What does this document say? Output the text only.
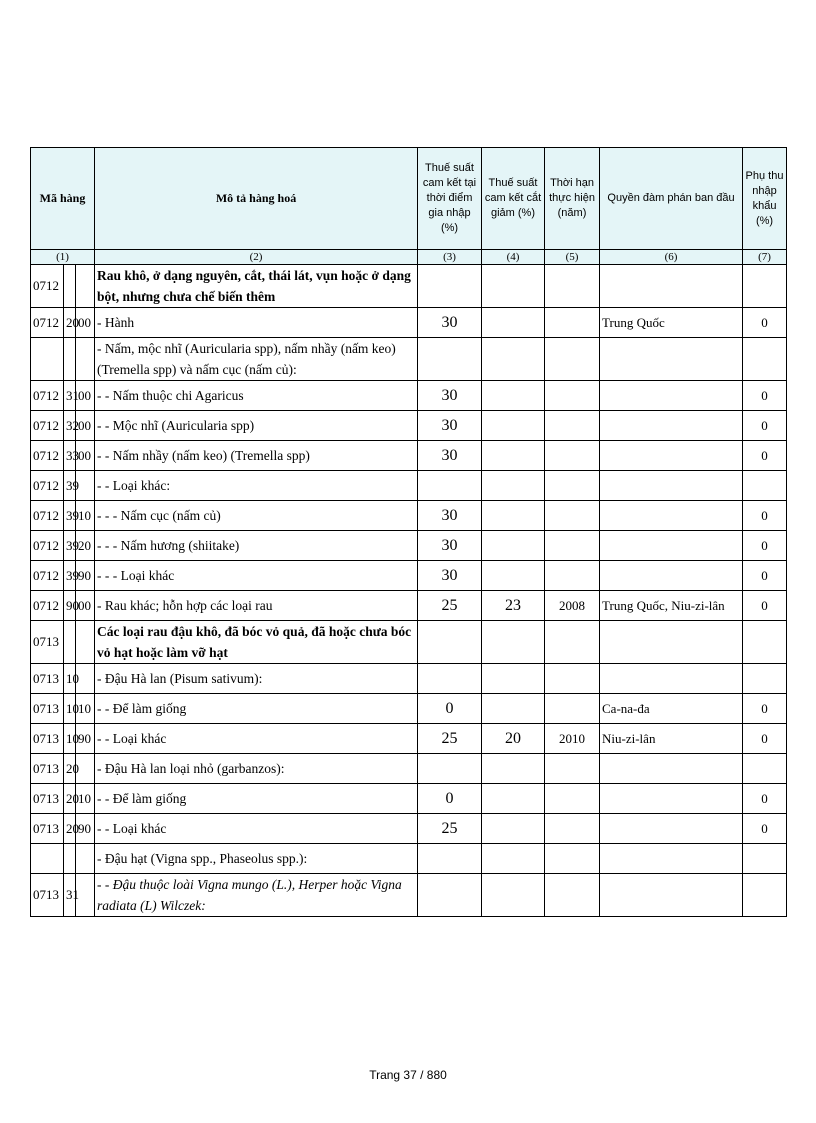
Mã hàng			Mô tả hàng hoá	Thuế suất cam kết tại thời điểm gia nhập (%)	Thuế suất cam kết cắt giảm (%)	Thời hạn thực hiện (năm)	Quyền đàm phán ban đầu	Phụ thu nhập khẩu (%)
(1)			(2)	(3)	(4)	(5)	(6)	(7)
0712			Rau khô, ở dạng nguyên, cắt, thái lát, vụn hoặc ở dạng bột, nhưng chưa chế biến thêm					
0712	20	00	- Hành	30			Trung Quốc	0
			- Nấm, mộc nhĩ (Auricularia spp), nấm nhầy (nấm keo) (Tremella spp) và nấm cục (nấm củ):					
0712	31	00	- - Nấm thuộc chi Agaricus	30				0
0712	32	00	- - Mộc nhĩ (Auricularia spp)	30				0
0712	33	00	- - Nấm nhầy (nấm keo) (Tremella spp)	30				0
0712	39		- - Loại khác:					
0712	39	10	- - - Nấm cục (nấm củ)	30				0
0712	39	20	- - - Nấm hương (shiitake)	30				0
0712	39	90	- - - Loại khác	30				0
0712	90	00	- Rau khác; hỗn hợp các loại rau	25	23	2008	Trung Quốc, Niu-zi-lân	0
0713			Các loại rau đậu khô, đã bóc vỏ quả, đã hoặc chưa bóc vỏ hạt hoặc làm vỡ hạt					
0713	10		- Đậu Hà lan (Pisum sativum):					
0713	10	10	- - Để làm giống	0			Ca-na-đa	0
0713	10	90	- - Loại khác	25	20	2010	Niu-zi-lân	0
0713	20		- Đậu Hà lan loại nhỏ (garbanzos):					
0713	20	10	- - Để làm giống	0				0
0713	20	90	- - Loại khác	25				0
			- Đậu hạt (Vigna spp., Phaseolus spp.):					
0713	31		- - Đậu thuộc loài Vigna mungo (L.), Herper hoặc Vigna radiata (L) Wilczek:					
Trang 37 / 880
